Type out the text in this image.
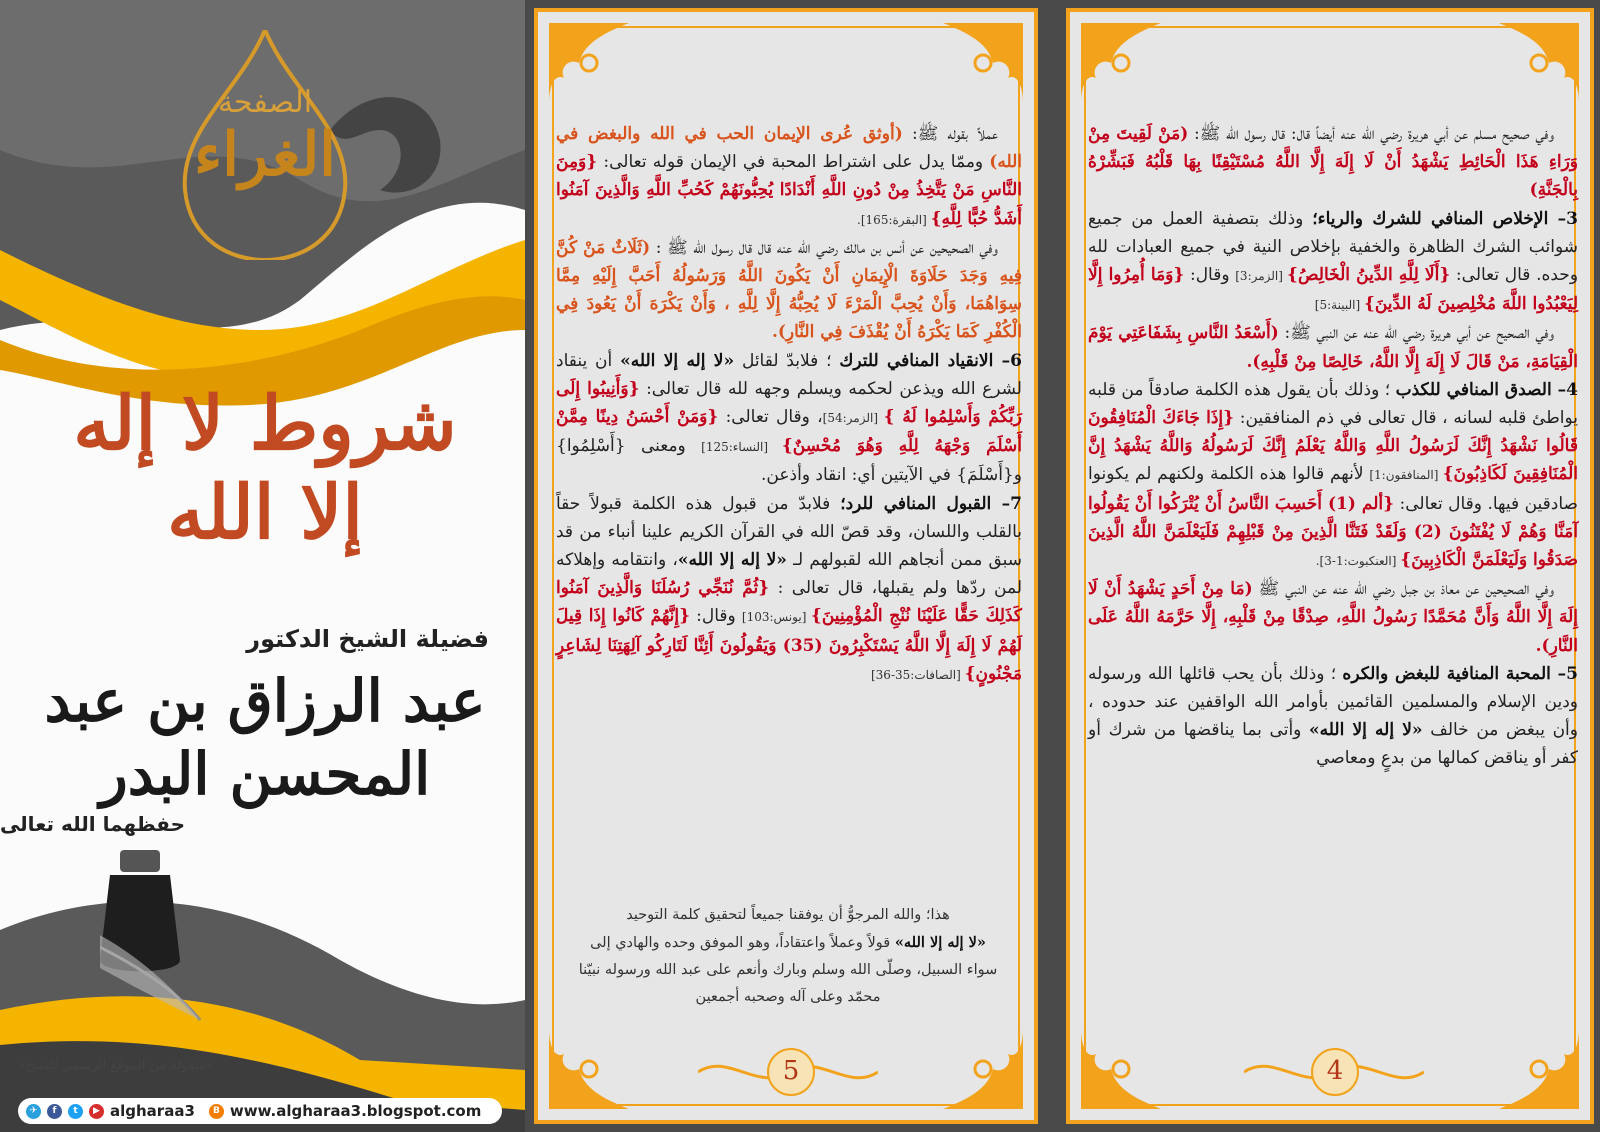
الصفحة
الغراء
شروط لا إله إلا الله
فضيلة الشيخ الدكتور
عبد الرزاق بن عبد المحسن البدر
حفظهما الله تعالى
«منقولة من الموقع الرسمي للشيخ»
✈	f	t	▶ algharaa3	B www.algharaa3.blogspot.com

عملاً بقوله ﷺ: (أوثق عُرى الإيمان الحب في الله والبغض في الله) وممّا يدل على اشتراط المحبة في الإيمان قوله تعالى: {وَمِنَ النَّاسِ مَنْ يَتَّخِذُ مِنْ دُونِ اللَّهِ أَنْدَادًا يُحِبُّونَهُمْ كَحُبِّ اللَّهِ وَالَّذِينَ آمَنُوا أَشَدُّ حُبًّا لِلَّهِ} [البقرة:165].

وفي الصحيحين عن أنس بن مالك رضي الله عنه قال قال رسول الله ﷺ : (ثَلَاثٌ مَنْ كُنَّ فِيهِ وَجَدَ حَلَاوَةَ الْإِيمَانِ أَنْ يَكُونَ اللَّهُ وَرَسُولُهُ أَحَبَّ إِلَيْهِ مِمَّا سِوَاهُمَا، وَأَنْ يُحِبَّ الْمَرْءَ لَا يُحِبُّهُ إِلَّا لِلَّهِ ، وَأَنْ يَكْرَهَ أَنْ يَعُودَ فِي الْكُفْرِ كَمَا يَكْرَهُ أَنْ يُقْذَفَ فِي النَّارِ).

6– الانقياد المنافي للترك ؛ فلابدّ لقائل «لا إله إلا الله» أن ينقاد لشرع الله ويذعن لحكمه ويسلم وجهه لله قال تعالى: {وَأَنِيبُوا إِلَى رَبِّكُمْ وَأَسْلِمُوا لَهُ } [الزمر:54]، وقال تعالى: {وَمَنْ أَحْسَنُ دِينًا مِمَّنْ أَسْلَمَ وَجْهَهُ لِلَّهِ وَهُوَ مُحْسِنٌ} [النساء:125] ومعنى {أَسْلِمُوا} و{أَسْلَمَ} في الآيتين أي: انقاد وأذعن.

7– القبول المنافي للرد؛ فلابدّ من قبول هذه الكلمة قبولاً حقاً بالقلب واللسان، وقد قصّ الله في القرآن الكريم علينا أنباء من قد سبق ممن أنجاهم الله لقبولهم لـ «لا إله إلا الله»، وانتقامه وإهلاكه لمن ردّها ولم يقبلها، قال تعالى : {ثُمَّ نُنَجِّي رُسُلَنَا وَالَّذِينَ آمَنُوا كَذَلِكَ حَقًّا عَلَيْنَا نُنْجِ الْمُؤْمِنِينَ} [يونس:103] وقال: {إِنَّهُمْ كَانُوا إِذَا قِيلَ لَهُمْ لَا إِلَهَ إِلَّا اللَّهُ يَسْتَكْبِرُونَ (35) وَيَقُولُونَ أَئِنَّا لَتَارِكُو آلِهَتِنَا لِشَاعِرٍ مَجْنُونٍ} [الصافات:35-36]

هذا؛ والله المرجوُّ أن يوفقنا جميعاً لتحقيق كلمة التوحيد
«لا إله إلا الله» قولاً وعملاً واعتقاداً، وهو الموفق وحده والهادي إلى
سواء السبيل، وصلّى الله وسلم وبارك وأنعم على عبد الله ورسوله نبيّنا
محمّد وعلى آله وصحبه أجمعين
5

وفي صحيح مسلم عن أبي هريرة رضي الله عنه أيضاً قال: قال رسول الله ﷺ: (مَنْ لَقِيتَ مِنْ وَرَاءِ هَذَا الْحَائِطِ يَشْهَدُ أَنْ لَا إِلَهَ إِلَّا اللَّهُ مُسْتَيْقِنًا بِهَا قَلْبُهُ فَبَشِّرْهُ بِالْجَنَّةِ)

3– الإخلاص المنافي للشرك والرياء؛ وذلك بتصفية العمل من جميع شوائب الشرك الظاهرة والخفية بإخلاص النية في جميع العبادات لله وحده. قال تعالى: {أَلَا لِلَّهِ الدِّينُ الْخَالِصُ} [الزمر:3] وقال: {وَمَا أُمِرُوا إِلَّا لِيَعْبُدُوا اللَّهَ مُخْلِصِينَ لَهُ الدِّينَ} [البينة:5]

وفي الصحيح عن أبي هريرة رضي الله عنه عن النبي ﷺ: (أَسْعَدُ النَّاسِ بِشَفَاعَتِي يَوْمَ الْقِيَامَةِ، مَنْ قَالَ لَا إِلَهَ إِلَّا اللَّهُ، خَالِصًا مِنْ قَلْبِهِ).

4– الصدق المنافي للكذب ؛ وذلك بأن يقول هذه الكلمة صادقاً من قلبه يواطئ قلبه لسانه ، قال تعالى في ذم المنافقين: {إِذَا جَاءَكَ الْمُنَافِقُونَ قَالُوا نَشْهَدُ إِنَّكَ لَرَسُولُ اللَّهِ وَاللَّهُ يَعْلَمُ إِنَّكَ لَرَسُولُهُ وَاللَّهُ يَشْهَدُ إِنَّ الْمُنَافِقِينَ لَكَاذِبُونَ} [المنافقون:1] لأنهم قالوا هذه الكلمة ولكنهم لم يكونوا صادقين فيها. وقال تعالى: {ألم (1) أَحَسِبَ النَّاسُ أَنْ يُتْرَكُوا أَنْ يَقُولُوا آمَنَّا وَهُمْ لَا يُفْتَنُونَ (2) وَلَقَدْ فَتَنَّا الَّذِينَ مِنْ قَبْلِهِمْ فَلَيَعْلَمَنَّ اللَّهُ الَّذِينَ صَدَقُوا وَلَيَعْلَمَنَّ الْكَاذِبِينَ} [العنكبوت:1-3].

وفي الصحيحين عن معاذ بن جبل رضي الله عنه عن النبي ﷺ (مَا مِنْ أَحَدٍ يَشْهَدُ أَنْ لَا إِلَهَ إِلَّا اللَّهُ وَأَنَّ مُحَمَّدًا رَسُولُ اللَّهِ، صِدْقًا مِنْ قَلْبِهِ، إِلَّا حَرَّمَهُ اللَّهُ عَلَى النَّارِ).

5– المحبة المنافية للبغض والكره ؛ وذلك بأن يحب قائلها الله ورسوله ودين الإسلام والمسلمين القائمين بأوامر الله الواقفين عند حدوده ، وأن يبغض من خالف «لا إله إلا الله» وأتى بما يناقضها من شرك أو كفر أو يناقض كمالها من بدعٍ ومعاصي

4
